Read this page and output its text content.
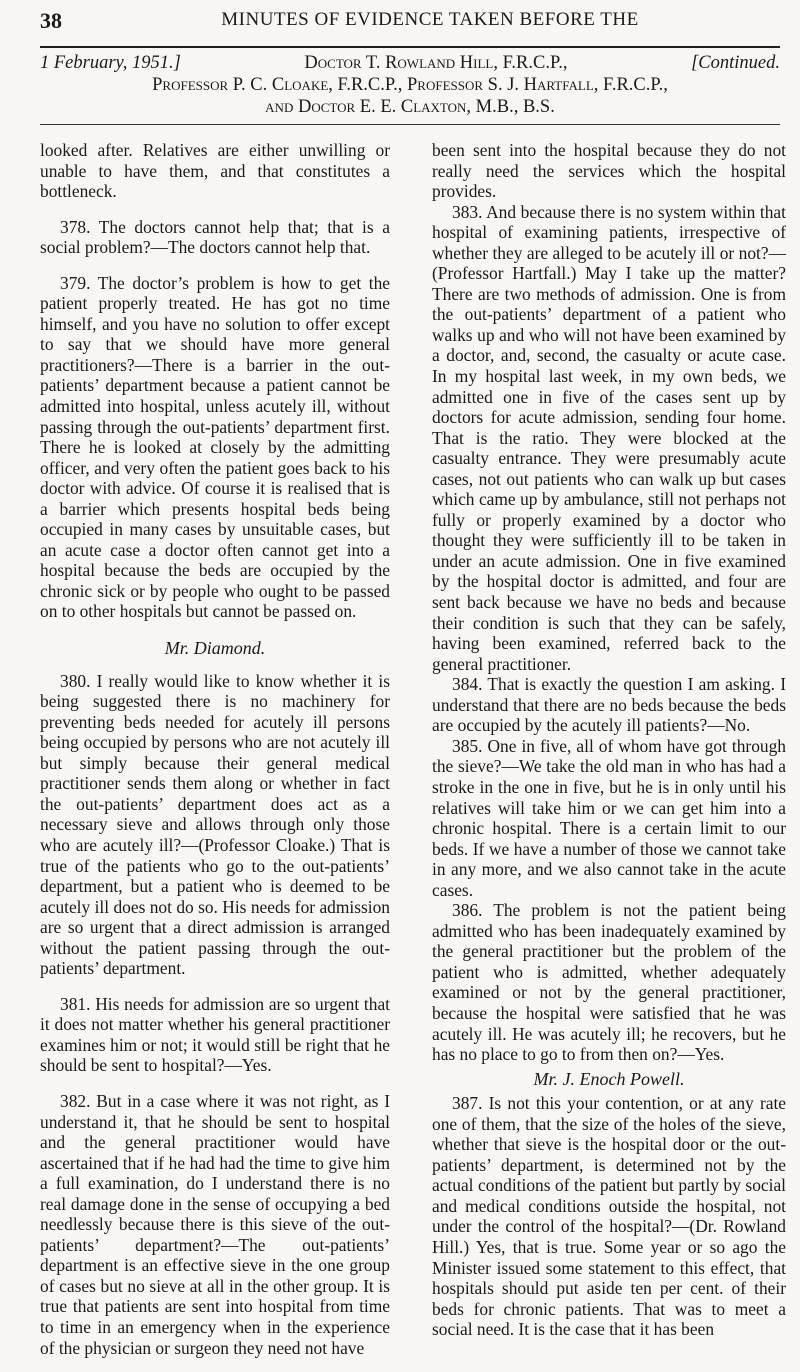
38	MINUTES OF EVIDENCE TAKEN BEFORE THE
1 February, 1951.]	Doctor T. Rowland Hill, F.R.C.P.,	[Continued.
Professor P. C. Cloake, F.R.C.P., Professor S. J. Hartfall, F.R.C.P.,
and Doctor E. E. Claxton, M.B., B.S.

looked after. Relatives are either unwilling or unable to have them, and that constitutes a bottleneck.

378. The doctors cannot help that; that is a social problem?—The doctors cannot help that.

379. The doctor’s problem is how to get the patient properly treated. He has got no time himself, and you have no solution to offer except to say that we should have more general practitioners?—There is a barrier in the out-patients’ department because a patient cannot be admitted into hospital, unless acutely ill, without passing through the out-patients’ department first. There he is looked at closely by the admitting officer, and very often the patient goes back to his doctor with advice. Of course it is realised that is a barrier which presents hospital beds being occupied in many cases by unsuitable cases, but an acute case a doctor often cannot get into a hospital because the beds are occupied by the chronic sick or by people who ought to be passed on to other hospitals but cannot be passed on.

Mr. Diamond.

380. I really would like to know whether it is being suggested there is no machinery for preventing beds needed for acutely ill persons being occupied by persons who are not acutely ill but simply because their general medical practitioner sends them along or whether in fact the out-patients’ department does act as a necessary sieve and allows through only those who are acutely ill?—(Professor Cloake.) That is true of the patients who go to the out-patients’ department, but a patient who is deemed to be acutely ill does not do so. His needs for admission are so urgent that a direct admission is arranged without the patient passing through the out-patients’ department.

381. His needs for admission are so urgent that it does not matter whether his general practitioner examines him or not; it would still be right that he should be sent to hospital?—Yes.

382. But in a case where it was not right, as I understand it, that he should be sent to hospital and the general practitioner would have ascertained that if he had had the time to give him a full examination, do I understand there is no real damage done in the sense of occupying a bed needlessly because there is this sieve of the out-patients’ department?—The out-patients’ department is an effective sieve in the one group of cases but no sieve at all in the other group. It is true that patients are sent into hospital from time to time in an emergency when in the experience of the physician or surgeon they need not have

been sent into the hospital because they do not really need the services which the hospital provides.

383. And because there is no system within that hospital of examining patients, irrespective of whether they are alleged to be acutely ill or not?—(Professor Hartfall.) May I take up the matter? There are two methods of admission. One is from the out-patients’ department of a patient who walks up and who will not have been examined by a doctor, and, second, the casualty or acute case. In my hospital last week, in my own beds, we admitted one in five of the cases sent up by doctors for acute admission, sending four home. That is the ratio. They were blocked at the casualty entrance. They were presumably acute cases, not out patients who can walk up but cases which came up by ambulance, still not perhaps not fully or properly examined by a doctor who thought they were sufficiently ill to be taken in under an acute admission. One in five examined by the hospital doctor is admitted, and four are sent back because we have no beds and because their condition is such that they can be safely, having been examined, referred back to the general practitioner.

384. That is exactly the question I am asking. I understand that there are no beds because the beds are occupied by the acutely ill patients?—No.

385. One in five, all of whom have got through the sieve?—We take the old man in who has had a stroke in the one in five, but he is in only until his relatives will take him or we can get him into a chronic hospital. There is a certain limit to our beds. If we have a number of those we cannot take in any more, and we also cannot take in the acute cases.

386. The problem is not the patient being admitted who has been inadequately examined by the general practitioner but the problem of the patient who is admitted, whether adequately examined or not by the general practitioner, because the hospital were satisfied that he was acutely ill. He was acutely ill; he recovers, but he has no place to go to from then on?—Yes.

Mr. J. Enoch Powell.

387. Is not this your contention, or at any rate one of them, that the size of the holes of the sieve, whether that sieve is the hospital door or the out-patients’ department, is determined not by the actual conditions of the patient but partly by social and medical conditions outside the hospital, not under the control of the hospital?—(Dr. Rowland Hill.) Yes, that is true. Some year or so ago the Minister issued some statement to this effect, that hospitals should put aside ten per cent. of their beds for chronic patients. That was to meet a social need. It is the case that it has been
